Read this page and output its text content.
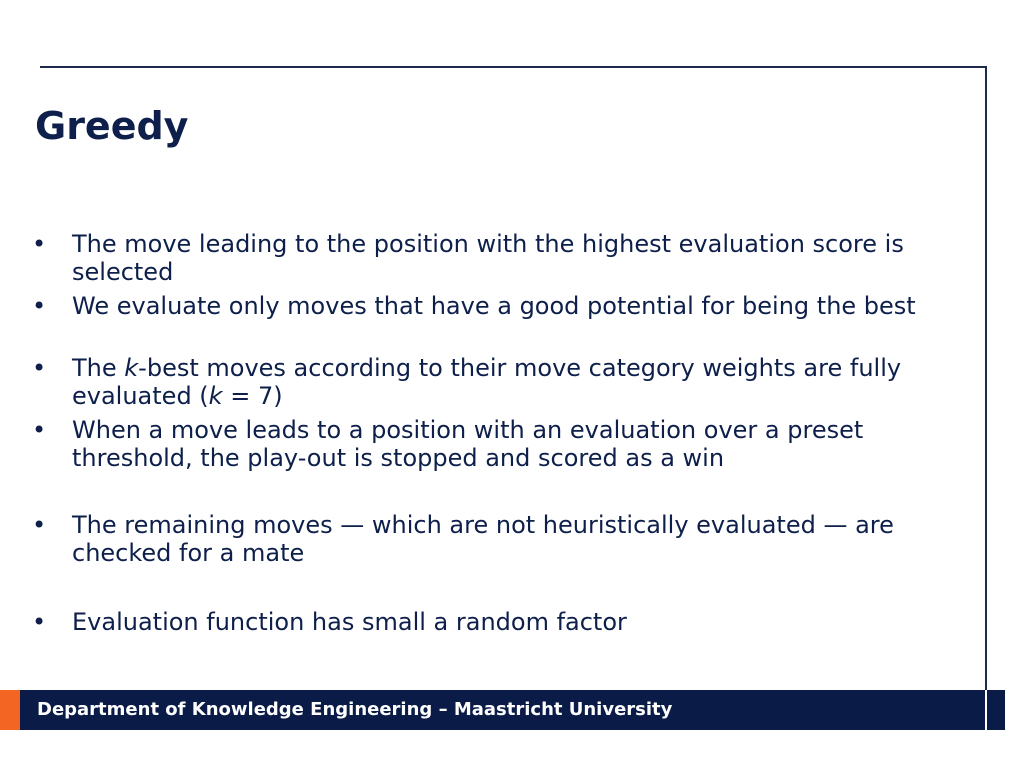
Greedy
• The move leading to the position with the highest evaluation score is selected
• We evaluate only moves that have a good potential for being the best
• The k-best moves according to their move category weights are fully evaluated (k = 7)
• When a move leads to a position with an evaluation over a preset threshold, the play-out is stopped and scored as a win
• The remaining moves — which are not heuristically evaluated — are checked for a mate
• Evaluation function has small a random factor
Department of Knowledge Engineering – Maastricht University
